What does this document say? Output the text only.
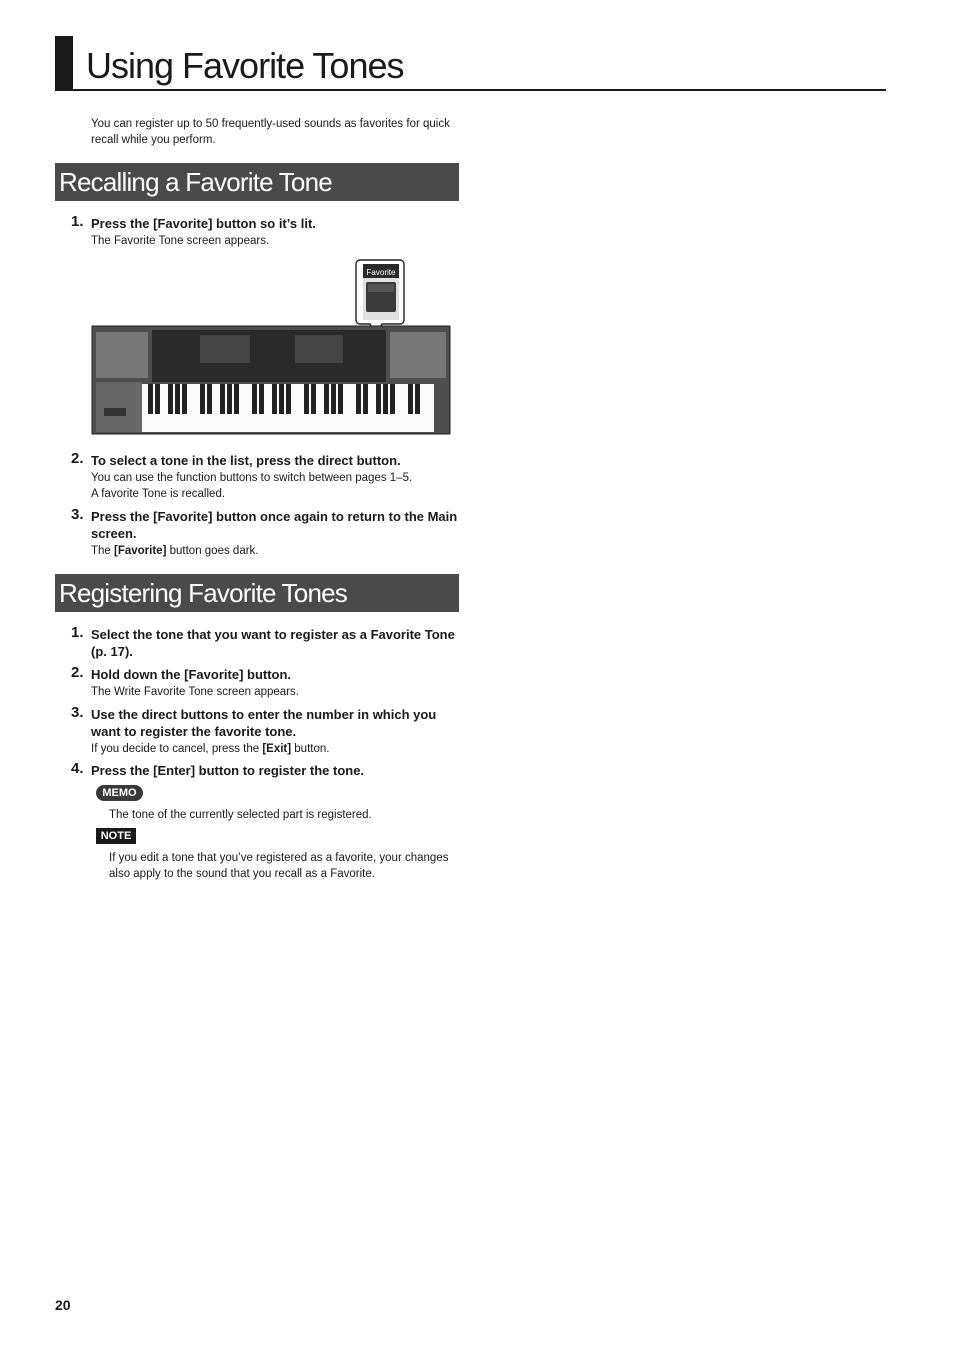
Using Favorite Tones
You can register up to 50 frequently-used sounds as favorites for quick recall while you perform.
Recalling a Favorite Tone
1. Press the [Favorite] button so it’s lit.
The Favorite Tone screen appears.
Favorite
2. To select a tone in the list, press the direct button.
You can use the function buttons to switch between pages 1–5.
A favorite Tone is recalled.
3. Press the [Favorite] button once again to return to the Main screen.
The [Favorite] button goes dark.
Registering Favorite Tones
1. Select the tone that you want to register as a Favorite Tone (p. 17).
2. Hold down the [Favorite] button.
The Write Favorite Tone screen appears.
3. Use the direct buttons to enter the number in which you want to register the favorite tone.
If you decide to cancel, press the [Exit] button.
4. Press the [Enter] button to register the tone.
MEMO
The tone of the currently selected part is registered.
NOTE
If you edit a tone that you’ve registered as a favorite, your changes also apply to the sound that you recall as a Favorite.
20
